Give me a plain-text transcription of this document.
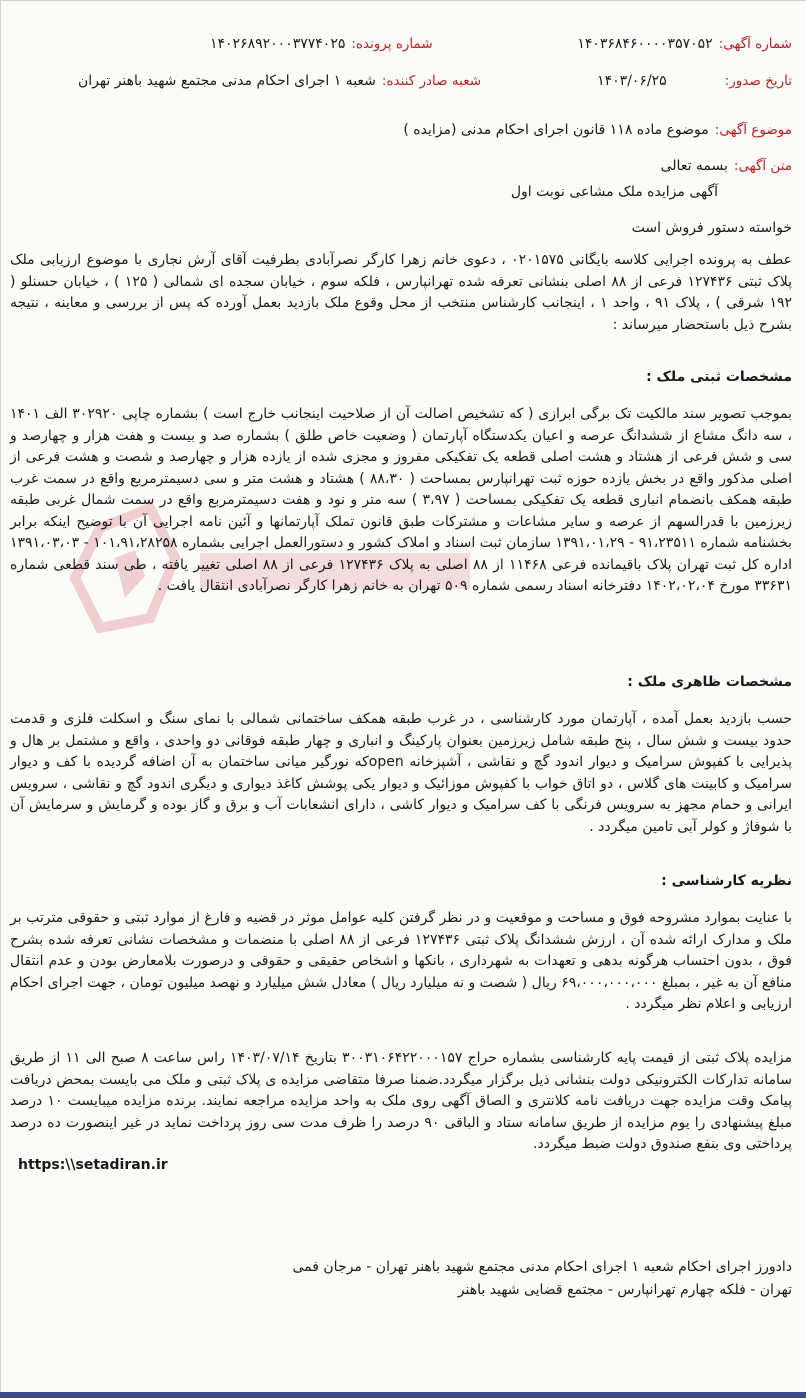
شماره آگهی:
۱۴۰۳۶۸۴۶۰۰۰۰۳۵۷۰۵۲
شماره پرونده:
۱۴۰۲۶۸۹۲۰۰۰۳۷۷۴۰۲۵
تاریخ صدور:
۱۴۰۳/۰۶/۲۵
شعبه صادر کننده:
شعبه ۱ اجرای احکام مدنی مجتمع شهید باهنر تهران
موضوع آگهی:
موضوع ماده ۱۱۸ قانون اجرای احکام مدنی (مزایده )
متن آگهی:
بسمه تعالی
آگهی مزایده ملک مشاعی نوبت اول
خواسته دستور فروش است

عطف به پرونده اجرایی کلاسه بایگانی ۰۲۰۱۵۷۵ ، دعوی خانم زهرا کارگر نصرآبادی بطرفیت آقای آرش نجاری با موضوع ارزیابی ملک پلاک ثبتی ۱۲۷۴۳۶ فرعی از ۸۸ اصلی بنشانی تعرفه شده تهرانپارس ، فلکه سوم ، خیابان سجده ای شمالی ( ۱۲۵ ) ، خیابان حسنلو ( ۱۹۲ شرقی ) ، پلاک ۹۱ ، واحد ۱ ، اینجانب کارشناس منتخب از محل وقوع ملک بازدید بعمل آورده که پس از بررسی و معاینه ، نتیجه بشرح ذیل باستحضار میرساند :

مشخصات ثبتی ملک :

بموجب تصویر سند مالکیت تک برگی ابرازی ( که تشخیص اصالت آن از صلاحیت اینجانب خارج است ) بشماره چاپی ۳۰۲۹۲۰ الف ۱۴۰۱ ، سه دانگ مشاع از ششدانگ عرصه و اعیان یکدستگاه آپارتمان ( وضعیت خاص طلق ) بشماره صد و بیست و هفت هزار و چهارصد و سی و شش فرعی از هشتاد و هشت اصلی قطعه یک تفکیکی مفروز و مجزی شده از یازده هزار و چهارصد و شصت و هشت فرعی از اصلی مذکور واقع در بخش یازده حوزه ثبت تهرانپارس بمساحت ( ۸۸،۳۰ ) هشتاد و هشت متر و سی دسیمترمربع واقع در سمت غرب طبقه همکف بانضمام انباری قطعه یک تفکیکی بمساحت ( ۳،۹۷ ) سه متر و نود و هفت دسیمترمربع واقع در سمت شمال غربی طبقه زیرزمین با قدرالسهم از عرصه و سایر مشاعات و مشترکات طبق قانون تملک آپارتمانها و آئین نامه اجرایی آن با توضیح اینکه برابر بخشنامه شماره ۹۱،۲۳۵۱۱ - ۱۳۹۱،۰۱،۲۹ سازمان ثبت اسناد و املاک کشور و دستورالعمل اجرایی بشماره ۱۰۱،۹۱،۲۸۲۵۸ - ۱۳۹۱،۰۳،۰۳ اداره کل ثبت تهران پلاک باقیمانده فرعی ۱۱۴۶۸ از ۸۸ اصلی به پلاک ۱۲۷۴۳۶ فرعی از ۸۸ اصلی تغییر یافته ، طی سند قطعی شماره ۳۳۶۳۱ مورخ ۱۴۰۲،۰۲،۰۴ دفترخانه اسناد رسمی شماره ۵۰۹ تهران به خانم زهرا کارگر نصرآبادی انتقال یافت .

مشخصات ظاهری ملک :

حسب بازدید بعمل آمده ، آپارتمان مورد کارشناسی ، در غرب طبقه همکف ساختمانی شمالی با نمای سنگ و اسکلت فلزی و قدمت حدود بیست و شش سال ، پنج طبقه شامل زیرزمین بعنوان پارکینگ و انباری و چهار طبقه فوقانی دو واحدی ، واقع و مشتمل بر هال و پذیرایی با کفپوش سرامیک و دیوار اندود گچ و نقاشی ، آشپزخانه openکه نورگیر میانی ساختمان به آن اضافه گردیده با کف و دیوار سرامیک و کابینت های گلاس ، دو اتاق خواب با کفپوش موزائیک و دیوار یکی پوشش کاغذ دیواری و دیگری اندود گچ و نقاشی ، سرویس ایرانی و حمام مجهز به سرویس فرنگی با کف سرامیک و دیوار کاشی ، دارای انشعابات آب و برق و گاز بوده و گرمایش و سرمایش آن با شوفاژ و کولر آبی تامین میگردد .

نظریه کارشناسی :

با عنایت بموارد مشروحه فوق و مساحت و موقعیت و در نظر گرفتن کلیه عوامل موثر در قضیه و فارغ از موارد ثبتی و حقوقی مترتب بر ملک و مدارک ارائه شده آن ، ارزش ششدانگ پلاک ثبتی ۱۲۷۴۳۶ فرعی از ۸۸ اصلی با منضمات و مشخصات نشانی تعرفه شده بشرح فوق ، بدون احتساب هرگونه بدهی و تعهدات به شهرداری ، بانکها و اشخاص حقیقی و حقوقی و درصورت بلامعارض بودن و عدم انتقال منافع آن به غیر ، بمبلغ ۶۹،۰۰۰،۰۰۰،۰۰۰ ریال ( شصت و نه میلیارد ریال ) معادل شش میلیارد و نهصد میلیون تومان ، جهت اجرای احکام ارزیابی و اعلام نظر میگردد .

مزایده پلاک ثبتی از قیمت پایه کارشناسی بشماره حراج ۳۰۰۳۱۰۶۴۲۲۰۰۰۱۵۷ بتاریخ ۱۴۰۳/۰۷/۱۴ راس ساعت ۸ صبح الی ۱۱ از طریق سامانه تدارکات الکترونیکی دولت بنشانی ذیل برگزار میگردد.ضمنا صرفا متقاضی مزایده ی پلاک ثبتی و ملک می بایست بمحض دریافت پیامک وقت مزایده جهت دریافت نامه کلانتری و الصاق آگهی روی ملک به واحد مزایده مراجعه نمایند. برنده مزایده میبایست ۱۰ درصد مبلغ پیشنهادی را یوم مزایده از طریق سامانه ستاد و الباقی ۹۰ درصد را ظرف مدت سی روز پرداخت نماید در غیر اینصورت ده درصد پرداختی وی بنفع صندوق دولت ضبط میگردد.

https:\\setadiran.ir
دادورز اجرای احکام شعبه ۱ اجرای احکام مدنی مجتمع شهید باهنر تهران - مرجان فمی
تهران - فلکه چهارم تهرانپارس - مجتمع قضایی شهید باهنر
